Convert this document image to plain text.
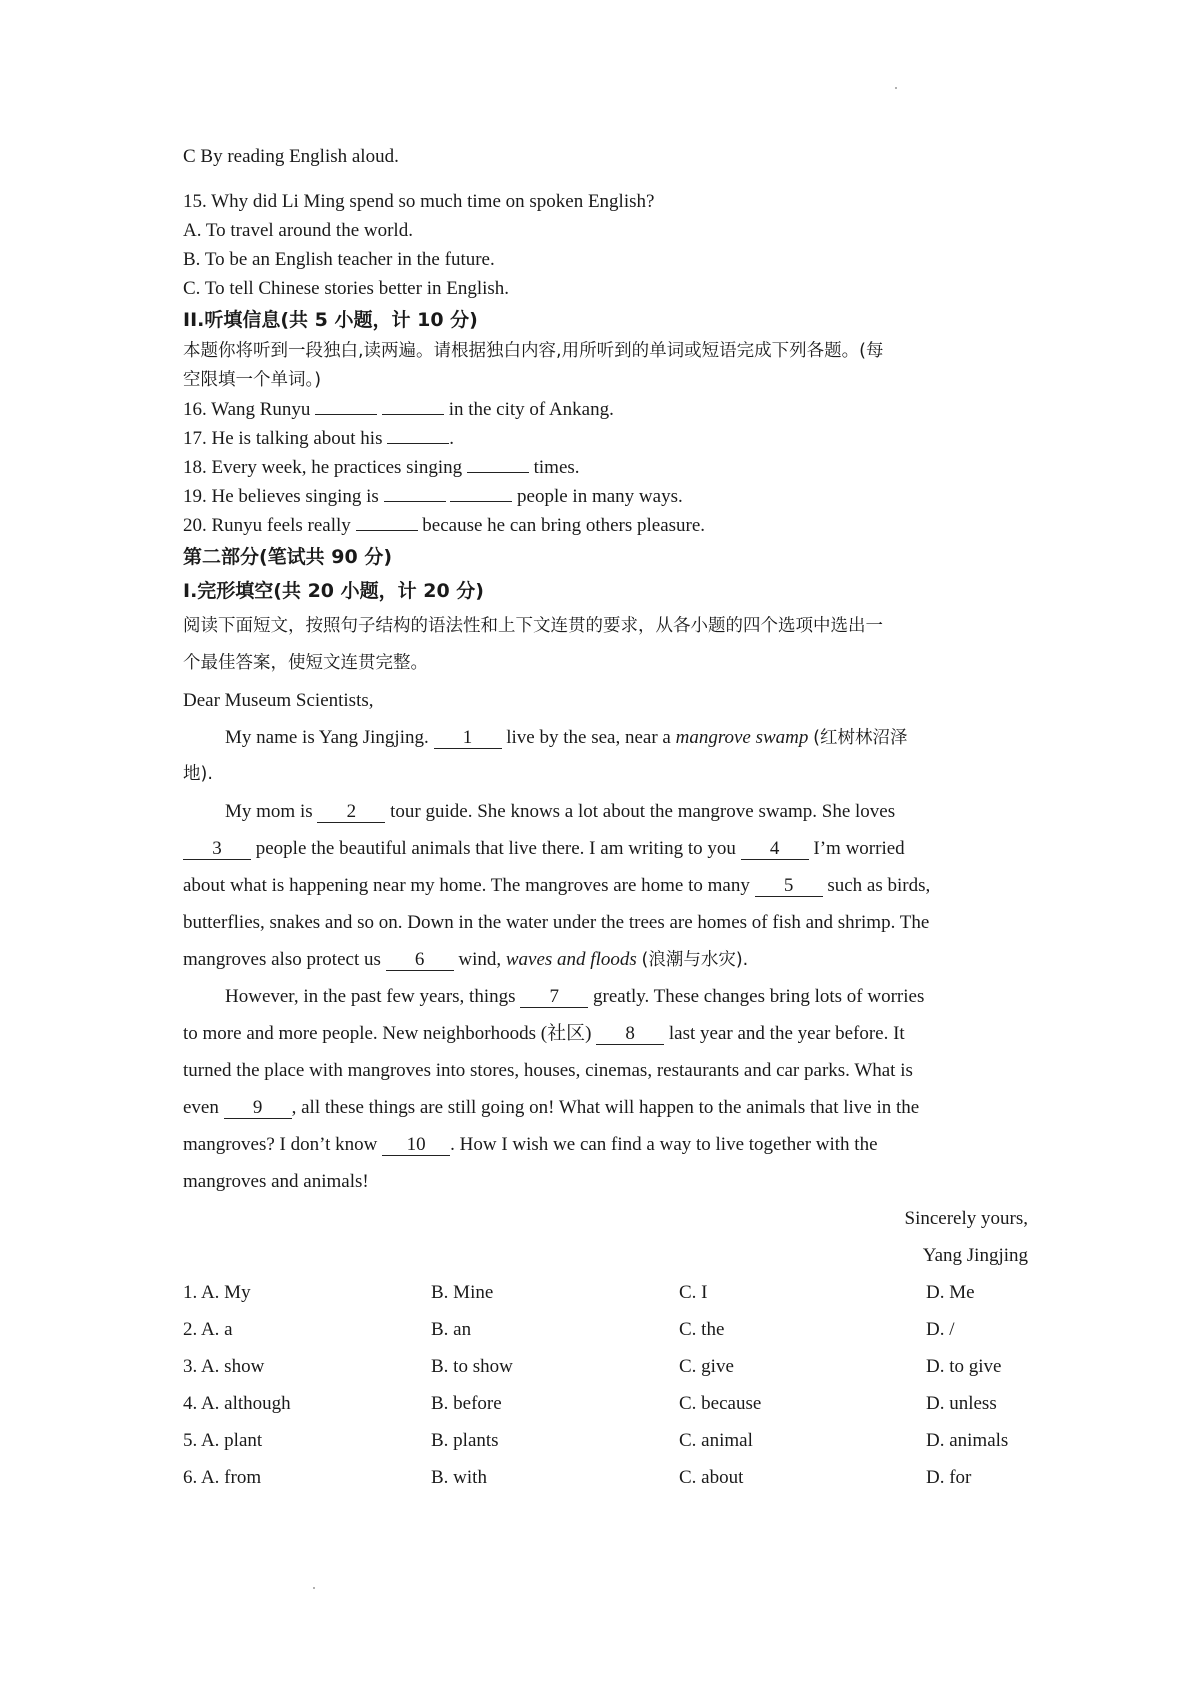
C By reading English aloud.
15. Why did Li Ming spend so much time on spoken English?
A. To travel around the world.
B. To be an English teacher in the future.
C. To tell Chinese stories better in English.
II.听填信息(共 5 小题，计 10 分)
本题你将听到一段独白,读两遍。请根据独白内容,用所听到的单词或短语完成下列各题。(每
空限填一个单词。)
16. Wang Runyu	in the city of Ankang.
17. He is talking about his	.
18. Every week, he practices singing	times.
19. He believes singing is	people in many ways.
20. Runyu feels really	because he can bring others pleasure.
第二部分(笔试共 90 分)
I.完形填空(共 20 小题，计 20 分)
阅读下面短文，按照句子结构的语法性和上下文连贯的要求，从各小题的四个选项中选出一
个最佳答案，使短文连贯完整。
Dear Museum Scientists,
My name is Yang Jingjing. 1 live by the sea, near a mangrove swamp (红树林沼泽
地).
My mom is 2 tour guide. She knows a lot about the mangrove swamp. She loves
3 people the beautiful animals that live there. I am writing to you 4 I’m worried
about what is happening near my home. The mangroves are home to many 5 such as birds,
butterflies, snakes and so on. Down in the water under the trees are homes of fish and shrimp. The
mangroves also protect us 6 wind, waves and floods (浪潮与水灾).
However, in the past few years, things 7 greatly. These changes bring lots of worries
to more and more people. New neighborhoods (社区) 8 last year and the year before. It
turned the place with mangroves into stores, houses, cinemas, restaurants and car parks. What is
even 9 , all these things are still going on! What will happen to the animals that live in the
mangroves? I don’t know 10 . How I wish we can find a way to live together with the
mangroves and animals!
Sincerely yours,
Yang Jingjing
1. A. My	B. Mine	C. I	D. Me
2. A. a	B. an	C. the	D. /
3. A. show	B. to show	C. give	D. to give
4. A. although	B. before	C. because	D. unless
5. A. plant	B. plants	C. animal	D. animals
6. A. from	B. with	C. about	D. for
